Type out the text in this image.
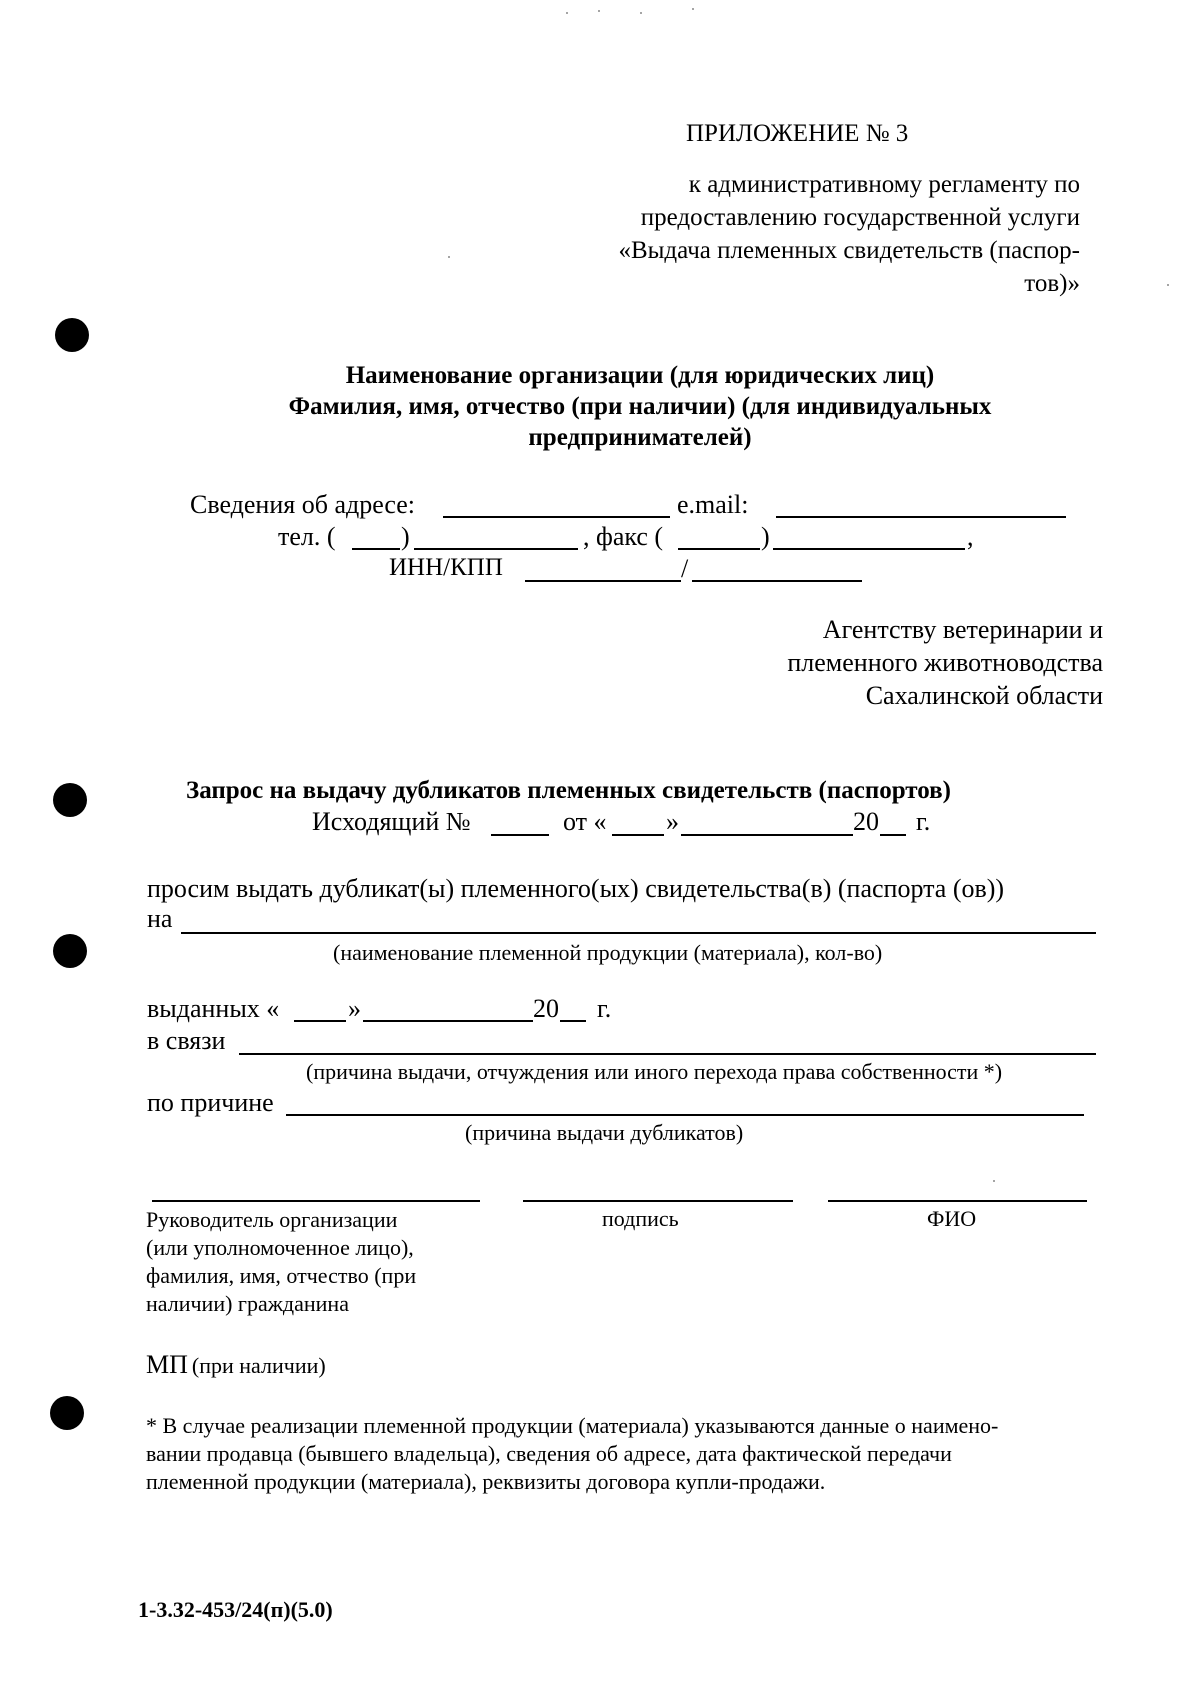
ПРИЛОЖЕНИЕ № 3
к административному регламенту по
предоставлению государственной услуги
«Выдача племенных свидетельств (паспор-
тов)»
Наименование организации (для юридических лиц)
Фамилия, имя, отчество (при наличии) (для индивидуальных
предпринимателей)
Сведения об адресе:	e.mail:
тел. (	)	, факс (	)	,
ИНН/КПП	/
Агентству ветеринарии и
племенного животноводства
Сахалинской области
Запрос на выдачу дубликатов племенных свидетельств (паспортов)
Исходящий №	от « »	20 г.
просим выдать дубликат(ы) племенного(ых) свидетельства(в) (паспорта (ов))
на
(наименование племенной продукции (материала), кол-во)
выданных «	»	20 г.
в связи
(причина выдачи, отчуждения или иного перехода права собственности *)
по причине
(причина выдачи дубликатов)
Руководитель организации
(или уполномоченное лицо),
фамилия, имя, отчество (при
наличии) гражданина
подпись	ФИО
МП (при наличии)
* В случае реализации племенной продукции (материала) указываются данные о наимено-
вании продавца (бывшего владельца), сведения об адресе, дата фактической передачи
племенной продукции (материала), реквизиты договора купли-продажи.
1-3.32-453/24(п)(5.0)
